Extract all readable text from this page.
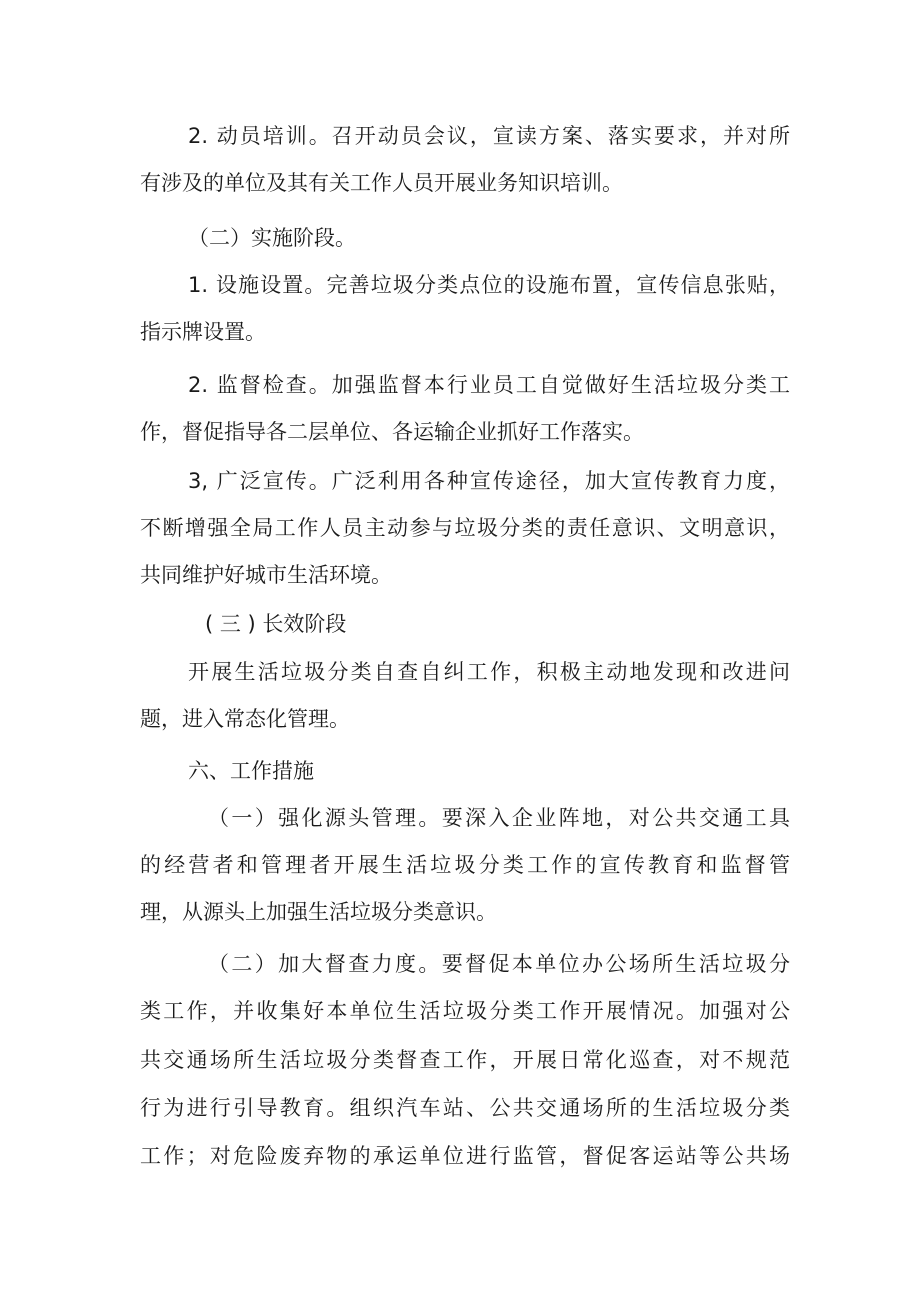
2. 动员培训。召开动员会议，宣读方案、落实要求，并对所
有涉及的单位及其有关工作人员开展业务知识培训。
（二）实施阶段。
1. 设施设置。完善垃圾分类点位的设施布置，宣传信息张贴，
指示牌设置。
2. 监督检查。加强监督本行业员工自觉做好生活垃圾分类工
作，督促指导各二层单位、各运输企业抓好工作落实。
3, 广泛宣传。广泛利用各种宣传途径，加大宣传教育力度，
不断增强全局工作人员主动参与垃圾分类的责任意识、文明意识，
共同维护好城市生活环境。
( 三 ) 长效阶段
开展生活垃圾分类自查自纠工作，积极主动地发现和改进问
题，进入常态化管理。
六、工作措施
（一）强化源头管理。要深入企业阵地，对公共交通工具
的经营者和管理者开展生活垃圾分类工作的宣传教育和监督管
理，从源头上加强生活垃圾分类意识。
（二）加大督查力度。要督促本单位办公场所生活垃圾分
类工作，并收集好本单位生活垃圾分类工作开展情况。加强对公
共交通场所生活垃圾分类督查工作，开展日常化巡查，对不规范
行为进行引导教育。组织汽车站、公共交通场所的生活垃圾分类
工作；对危险废弃物的承运单位进行监管，督促客运站等公共场
